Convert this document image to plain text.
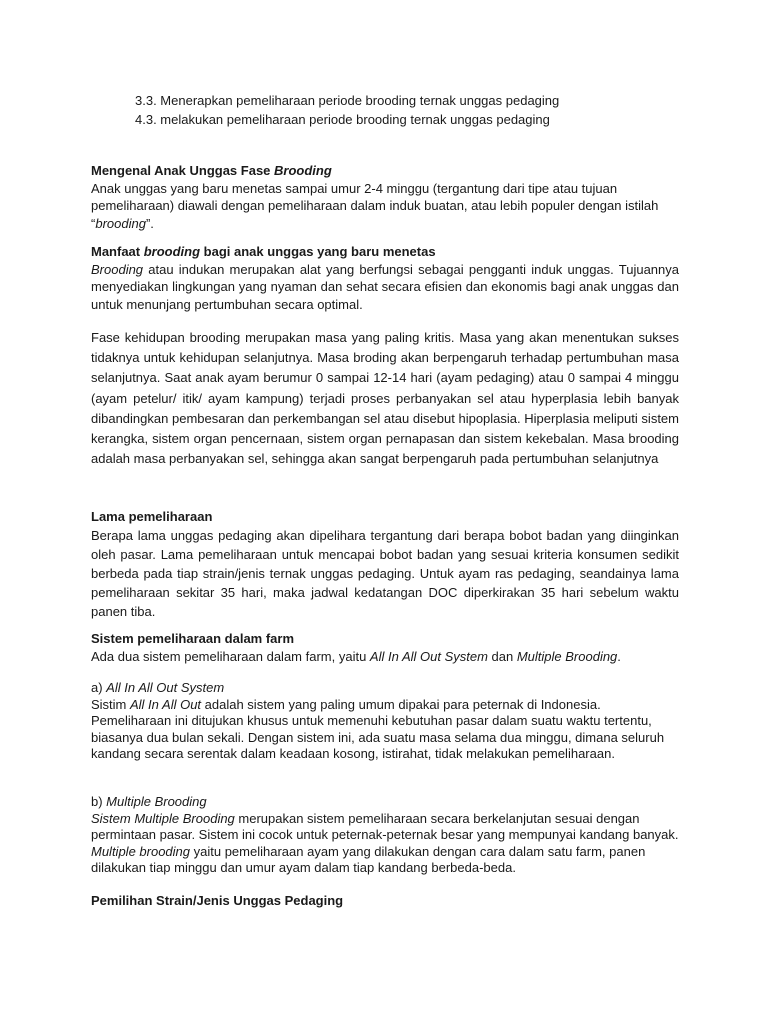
3.3. Menerapkan pemeliharaan periode brooding ternak unggas pedaging
4.3. melakukan pemeliharaan periode brooding ternak unggas pedaging

Mengenal Anak Unggas Fase Brooding

Anak unggas yang baru menetas sampai umur 2-4 minggu (tergantung dari tipe atau tujuan pemeliharaan) diawali dengan pemeliharaan dalam induk buatan, atau lebih populer dengan istilah “brooding”.

Manfaat brooding bagi anak unggas yang baru menetas

Brooding atau indukan merupakan alat yang berfungsi sebagai pengganti induk unggas. Tujuannya menyediakan lingkungan yang nyaman dan sehat secara efisien dan ekonomis bagi anak unggas dan untuk menunjang pertumbuhan secara optimal.

Fase kehidupan brooding merupakan masa yang paling kritis. Masa yang akan menentukan sukses tidaknya untuk kehidupan selanjutnya. Masa broding akan berpengaruh terhadap pertumbuhan masa selanjutnya. Saat anak ayam berumur 0 sampai 12-14 hari (ayam pedaging) atau 0 sampai 4 minggu (ayam petelur/ itik/ ayam kampung) terjadi proses perbanyakan sel atau hyperplasia lebih banyak dibandingkan pembesaran dan perkembangan sel atau disebut hipoplasia. Hiperplasia meliputi sistem kerangka, sistem organ pencernaan, sistem organ pernapasan dan sistem kekebalan. Masa brooding adalah masa perbanyakan sel, sehingga akan sangat berpengaruh pada pertumbuhan selanjutnya

Lama pemeliharaan

Berapa lama unggas pedaging akan dipelihara tergantung dari berapa bobot badan yang diinginkan oleh pasar. Lama pemeliharaan untuk mencapai bobot badan yang sesuai kriteria konsumen sedikit berbeda pada tiap strain/jenis ternak unggas pedaging. Untuk ayam ras pedaging, seandainya lama pemeliharaan sekitar 35 hari, maka jadwal kedatangan DOC diperkirakan 35 hari sebelum waktu panen tiba.

Sistem pemeliharaan dalam farm

Ada dua sistem pemeliharaan dalam farm, yaitu All In All Out System dan Multiple Brooding.

a) All In All Out System

Sistim All In All Out adalah sistem yang paling umum dipakai para peternak di Indonesia. Pemeliharaan ini ditujukan khusus untuk memenuhi kebutuhan pasar dalam suatu waktu tertentu, biasanya dua bulan sekali. Dengan sistem ini, ada suatu masa selama dua minggu, dimana seluruh kandang secara serentak dalam keadaan kosong, istirahat, tidak melakukan pemeliharaan.

b) Multiple Brooding

Sistem Multiple Brooding merupakan sistem pemeliharaan secara berkelanjutan sesuai dengan permintaan pasar. Sistem ini cocok untuk peternak-peternak besar yang mempunyai kandang banyak. Multiple brooding yaitu pemeliharaan ayam yang dilakukan dengan cara dalam satu farm, panen dilakukan tiap minggu dan umur ayam dalam tiap kandang berbeda-beda.

Pemilihan Strain/Jenis Unggas Pedaging
